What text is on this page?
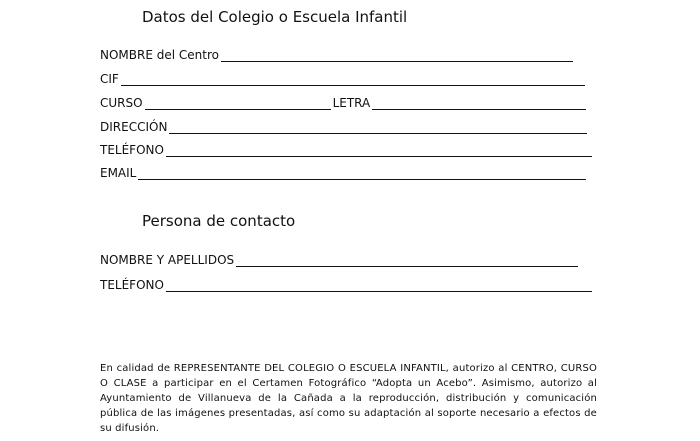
Datos del Colegio o Escuela Infantil
NOMBRE del Centro
CIF
CURSO	LETRA
DIRECCIÓN
TELÉFONO
EMAIL
Persona de contacto
NOMBRE Y APELLIDOS
TELÉFONO
En calidad de REPRESENTANTE DEL COLEGIO O ESCUELA INFANTIL, autorizo al CENTRO, CURSO O CLASE a participar en el Certamen Fotográfico “Adopta un Acebo”. Asimismo, autorizo al Ayuntamiento de Villanueva de la Cañada a la reproducción, distribución y comunicación pública de las imágenes presentadas, así como su adaptación al soporte necesario a efectos de su difusión.
